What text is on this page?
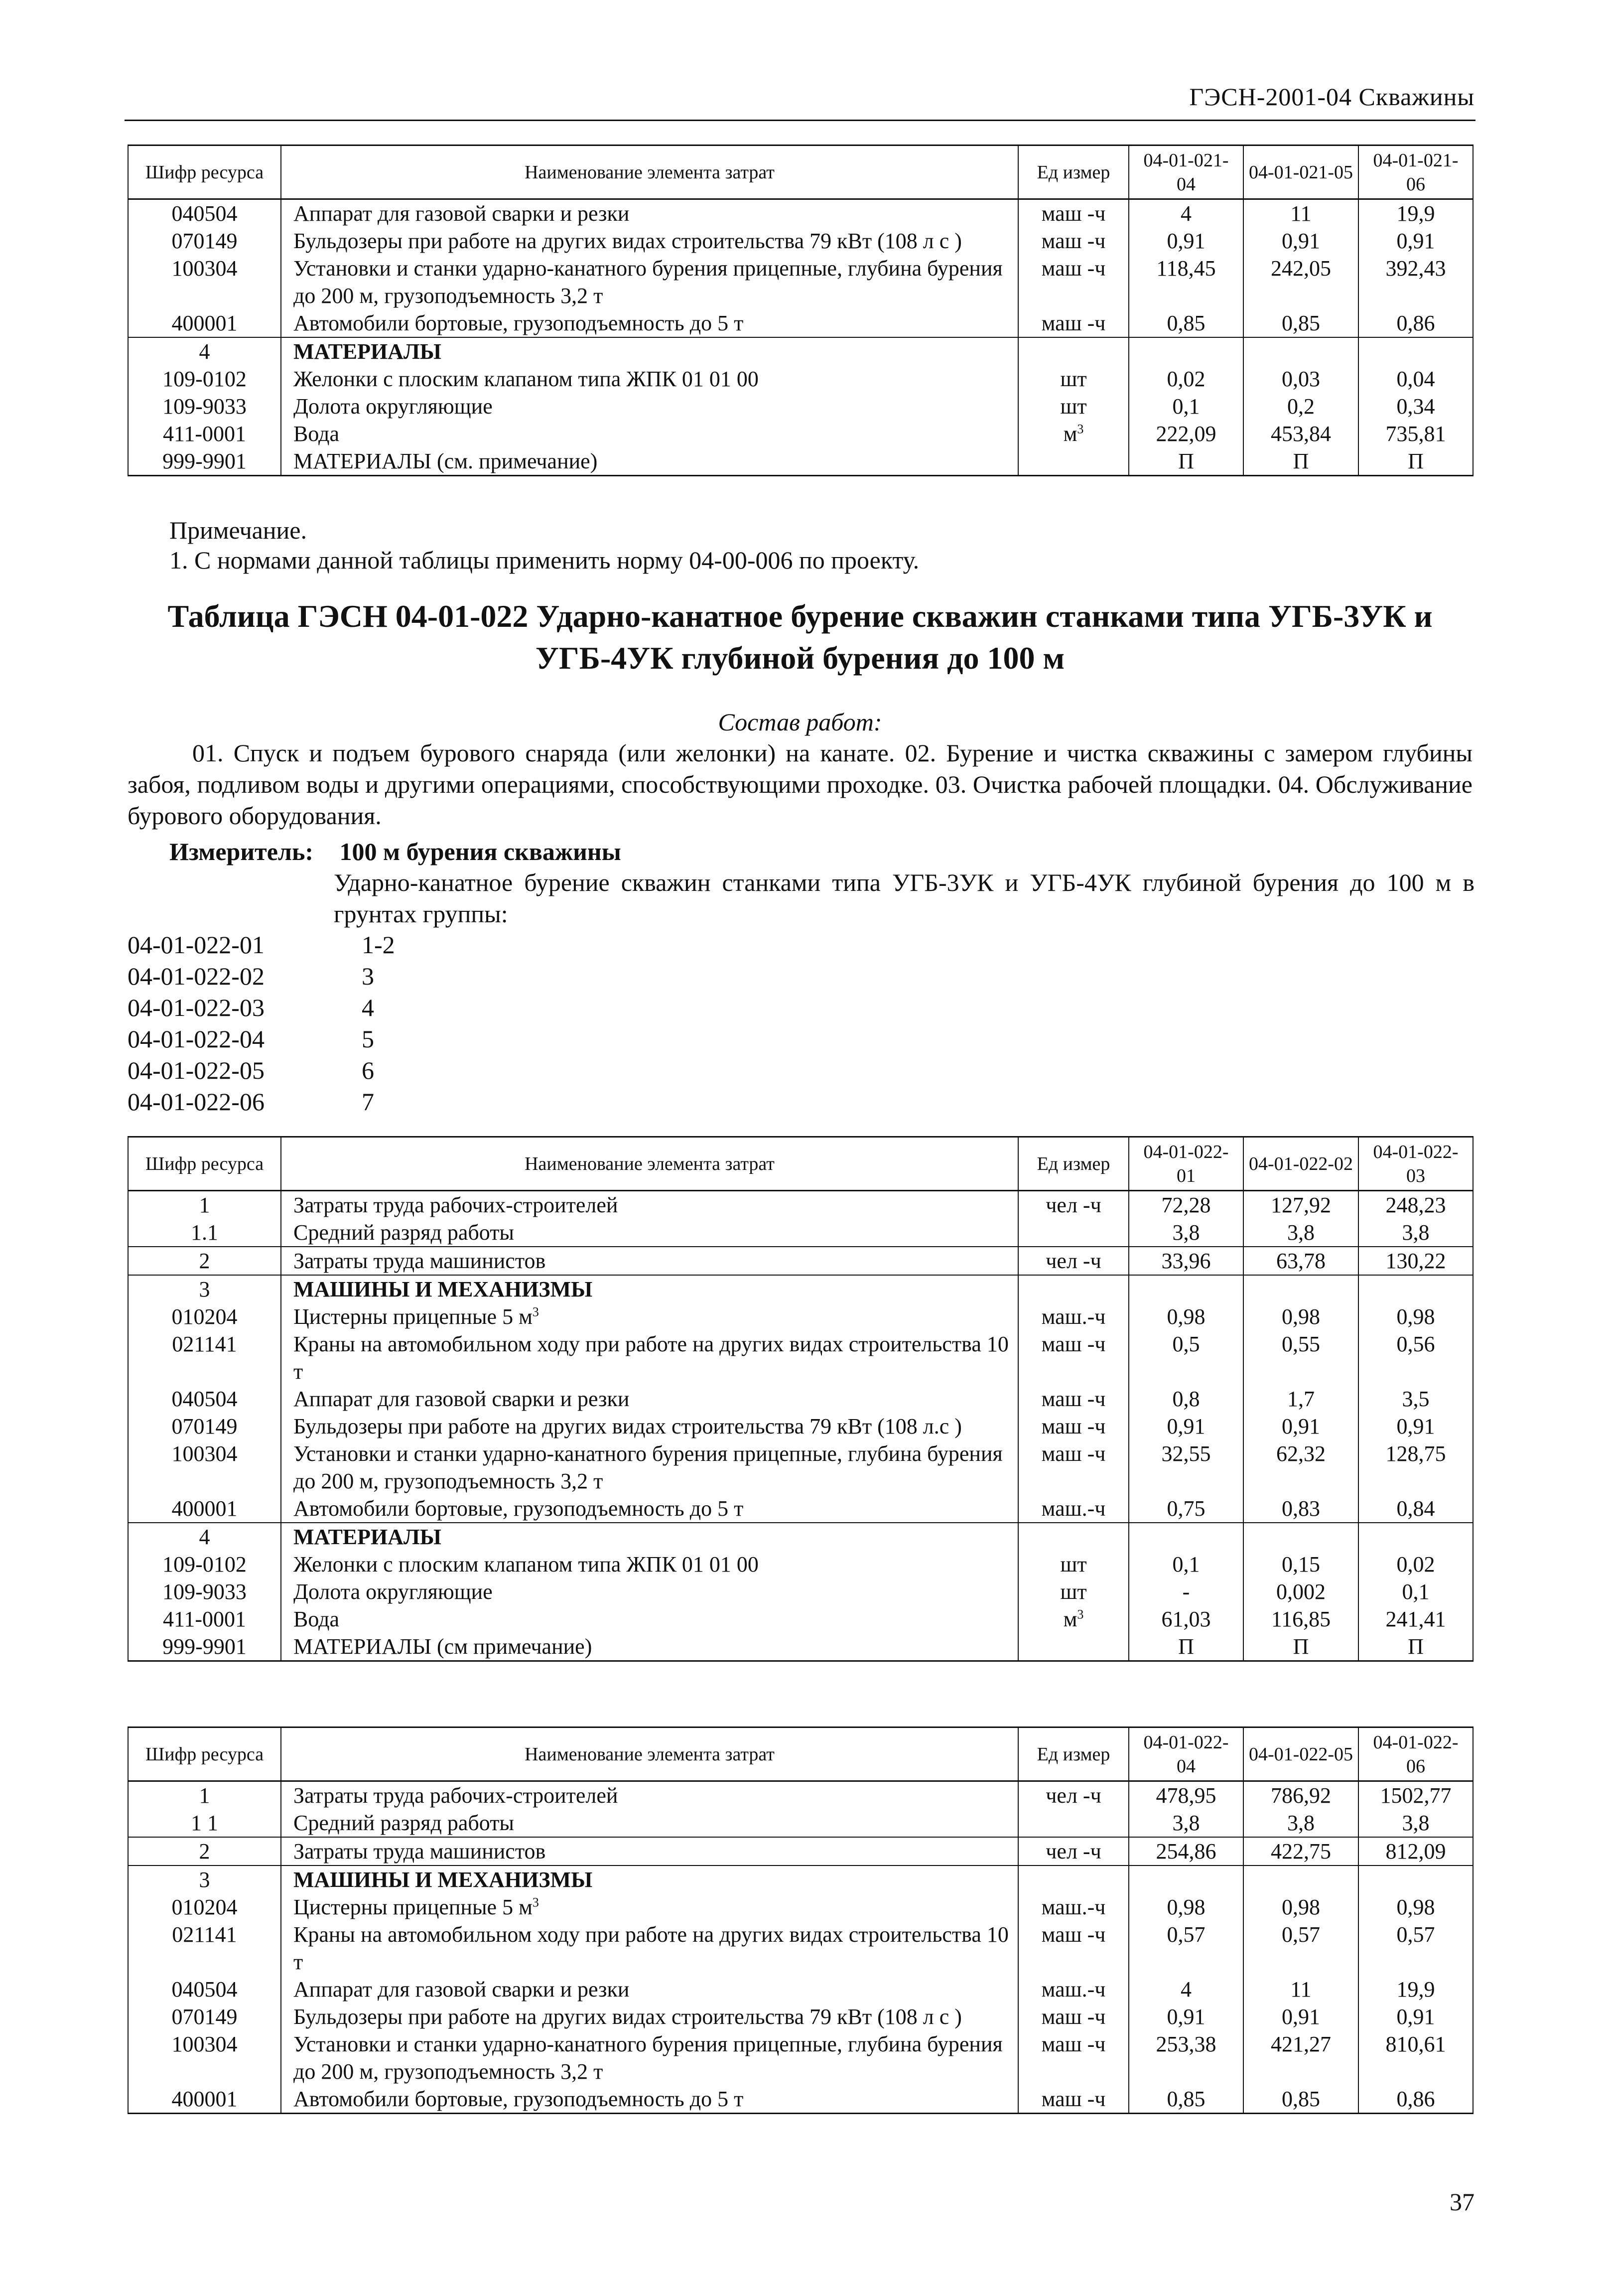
ГЭСН-2001-04 Скважины
Шифр ресурса	Наименование элемента затрат	Ед измер	04-01-021-04	04-01-021-05	04-01-021-06
040504	Аппарат для газовой сварки и резки	маш -ч	4	11	19,9
070149	Бульдозеры при работе на других видах строительства 79 кВт (108 л с )	маш -ч	0,91	0,91	0,91
100304	Установки и станки ударно-канатного бурения прицепные, глубина бурения до 200 м, грузоподъемность 3,2 т	маш -ч	118,45	242,05	392,43
400001	Автомобили бортовые, грузоподъемность до 5 т	маш -ч	0,85	0,85	0,86
4	МАТЕРИАЛЫ				
109-0102	Желонки с плоским клапаном типа ЖПК 01 01 00	шт	0,02	0,03	0,04
109-9033	Долота округляющие	шт	0,1	0,2	0,34
411-0001	Вода	$м^3$	222,09	453,84	735,81
999-9901	МАТЕРИАЛЫ (см. примечание)		П	П	П
Примечание.
1. С нормами данной таблицы применить норму 04-00-006 по проекту.
Таблица ГЭСН 04-01-022 Ударно-канатное бурение скважин станками типа УГБ-3УК и УГБ-4УК глубиной бурения до 100 м
Состав работ:
01. Спуск и подъем бурового снаряда (или желонки) на канате. 02. Бурение и чистка скважины с замером глубины забоя, подливом воды и другими операциями, способствующими проходке. 03. Очистка рабочей площадки. 04. Обслуживание бурового оборудования.
Измеритель: 100 м бурения скважины
Ударно-канатное бурение скважин станками типа УГБ-3УК и УГБ-4УК глубиной бурения до 100 м в грунтах группы:
04-01-022-01	1-2
04-01-022-02	3
04-01-022-03	4
04-01-022-04	5
04-01-022-05	6
04-01-022-06	7
Шифр ресурса	Наименование элемента затрат	Ед измер	04-01-022-01	04-01-022-02	04-01-022-03
1	Затраты труда рабочих-строителей	чел -ч	72,28	127,92	248,23
1.1	Средний разряд работы		3,8	3,8	3,8
2	Затраты труда машинистов	чел -ч	33,96	63,78	130,22
3	МАШИНЫ И МЕХАНИЗМЫ				
010204	Цистерны прицепные 5 $м^3$	маш.-ч	0,98	0,98	0,98
021141	Краны на автомобильном ходу при работе на других видах строительства 10 т	маш -ч	0,5	0,55	0,56
040504	Аппарат для газовой сварки и резки	маш -ч	0,8	1,7	3,5
070149	Бульдозеры при работе на других видах строительства 79 кВт (108 л.с )	маш -ч	0,91	0,91	0,91
100304	Установки и станки ударно-канатного бурения прицепные, глубина бурения до 200 м, грузоподъемность 3,2 т	маш -ч	32,55	62,32	128,75
400001	Автомобили бортовые, грузоподъемность до 5 т	маш.-ч	0,75	0,83	0,84
4	МАТЕРИАЛЫ				
109-0102	Желонки с плоским клапаном типа ЖПК 01 01 00	шт	0,1	0,15	0,02
109-9033	Долота округляющие	шт	-	0,002	0,1
411-0001	Вода	$м^3$	61,03	116,85	241,41
999-9901	МАТЕРИАЛЫ (см примечание)		П	П	П
Шифр ресурса	Наименование элемента затрат	Ед измер	04-01-022-04	04-01-022-05	04-01-022-06
1	Затраты труда рабочих-строителей	чел -ч	478,95	786,92	1502,77
1 1	Средний разряд работы		3,8	3,8	3,8
2	Затраты труда машинистов	чел -ч	254,86	422,75	812,09
3	МАШИНЫ И МЕХАНИЗМЫ				
010204	Цистерны прицепные 5 $м^3$	маш.-ч	0,98	0,98	0,98
021141	Краны на автомобильном ходу при работе на других видах строительства 10 т	маш -ч	0,57	0,57	0,57
040504	Аппарат для газовой сварки и резки	маш.-ч	4	11	19,9
070149	Бульдозеры при работе на других видах строительства 79 кВт (108 л с )	маш -ч	0,91	0,91	0,91
100304	Установки и станки ударно-канатного бурения прицепные, глубина бурения до 200 м, грузоподъемность 3,2 т	маш -ч	253,38	421,27	810,61
400001	Автомобили бортовые, грузоподъемность до 5 т	маш -ч	0,85	0,85	0,86
37
